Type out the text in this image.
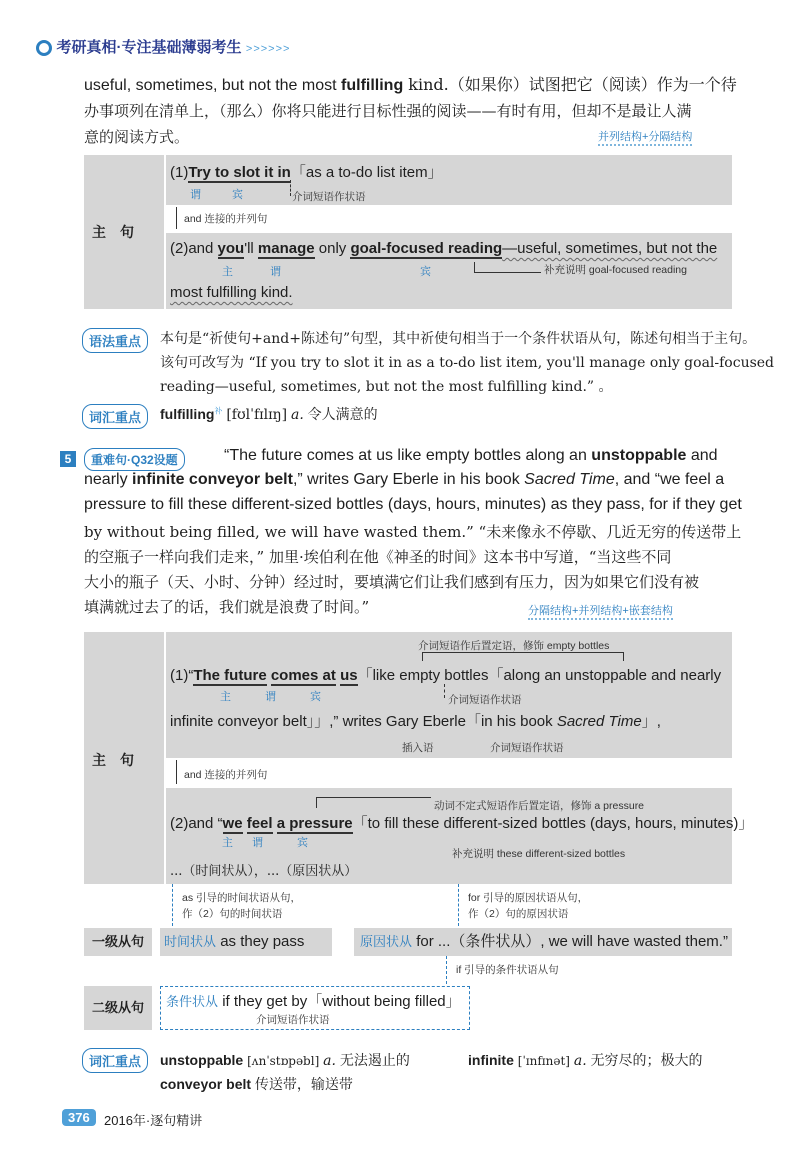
考研真相·专注基础薄弱考生 >>>>>>
useful, sometimes, but not the most fulfilling kind.（如果你）试图把它（阅读）作为一个待
办事项列在清单上，（那么）你将只能进行目标性强的阅读——有时有用，但却不是最让人满
意的阅读方式。	并列结构+分隔结构
主　句
(1)Try to slot it in「as a to-do list item」
谓 宾	介词短语作状语
and 连接的并列句
(2)and you'll manage only goal-focused reading—useful, sometimes, but not the
主	谓	宾	补充说明 goal-focused reading
most fulfilling kind.
语法重点	本句是“祈使句+and+陈述句”句型，其中祈使句相当于一个条件状语从句，陈述句相当于主句。
该句可改写为 “If you try to slot it in as a to-do list item, you'll manage only goal-focused
reading—useful, sometimes, but not the most fulfilling kind.” 。
词汇重点	fulfilling$^补$ [fʊlˈfɪlɪŋ] a. 令人满意的
5	重难句·Q32设题	“The future comes at us like empty bottles along an unstoppable and
nearly infinite conveyor belt,” writes Gary Eberle in his book Sacred Time, and “we feel a
pressure to fill these different-sized bottles (days, hours, minutes) as they pass, for if they get
by without being filled, we will have wasted them.” “未来像永不停歇、几近无穷的传送带上
的空瓶子一样向我们走来，” 加里·埃伯利在他《神圣的时间》这本书中写道，“当这些不同
大小的瓶子（天、小时、分钟）经过时，要填满它们让我们感到有压力，因为如果它们没有被
填满就过去了的话，我们就是浪费了时间。”	分隔结构+并列结构+嵌套结构
主　句
介词短语作后置定语，修饰 empty bottles
(1)“The future comes at us「like empty bottles「along an unstoppable and nearly
主　　谓　　宾	介词短语作状语
infinite conveyor belt」」,” writes Gary Eberle「in his book Sacred Time」,
插入语	介词短语作状语
and 连接的并列句
动词不定式短语作后置定语，修饰 a pressure
(2)and “we feel a pressure「to fill these different-sized bottles (days, hours, minutes)」
主　谓　　宾
补充说明 these different-sized bottles
...（时间状从），...（原因状从）
as 引导的时间状语从句，
作（2）句的时间状语
for 引导的原因状语从句，
作（2）句的原因状语
一级从句	时间状从 as they pass	原因状从 for ...（条件状从）, we will have wasted them.”
if 引导的条件状语从句
二级从句	条件状从 if they get by「without being filled」
介词短语作状语
词汇重点	unstoppable [ʌnˈstɒpəbl] a. 无法遏止的	infinite [ˈɪnfɪnət] a. 无穷尽的；极大的
conveyor belt 传送带，输送带
376	2016年·逐句精讲
